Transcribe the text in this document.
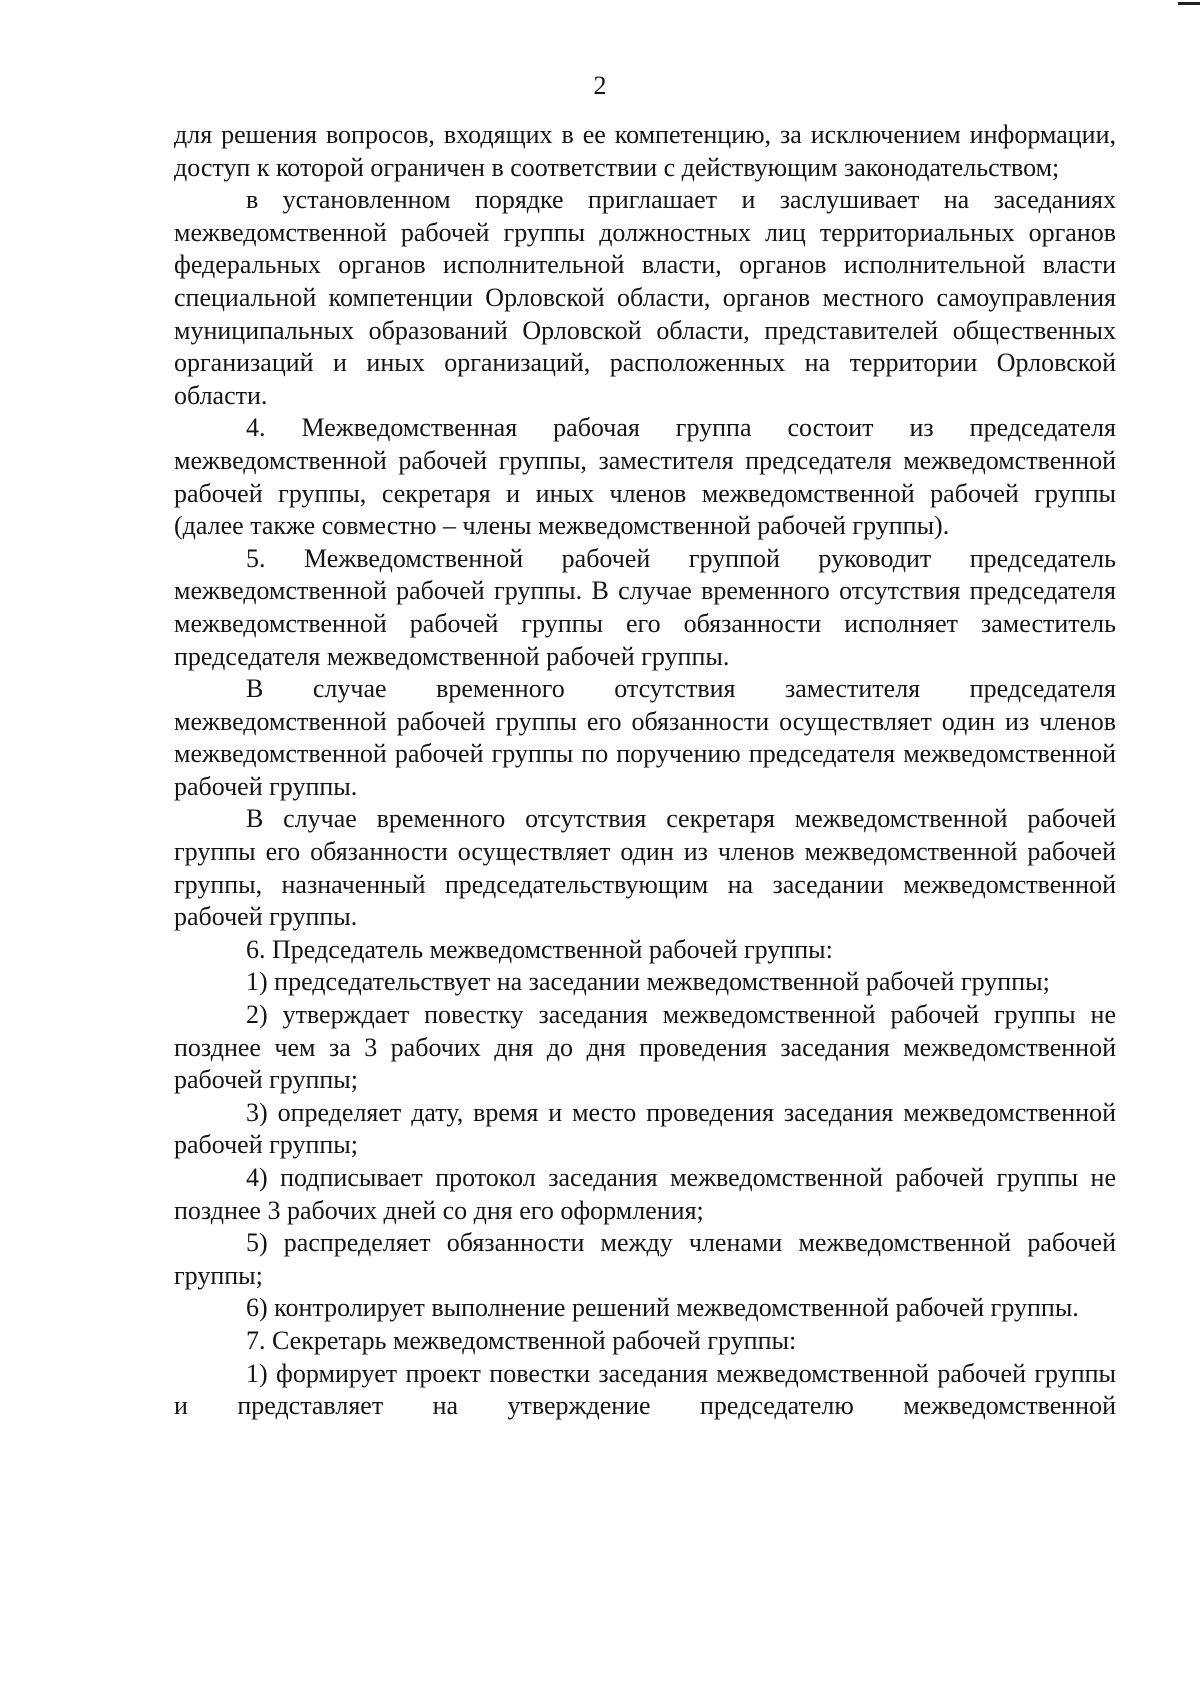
2

для решения вопросов, входящих в ее компетенцию, за исключением информации, доступ к которой ограничен в соответствии с действующим законодательством;

в установленном порядке приглашает и заслушивает на заседаниях межведомственной рабочей группы должностных лиц территориальных органов федеральных органов исполнительной власти, органов исполнительной власти специальной компетенции Орловской области, органов местного самоуправления муниципальных образований Орловской области, представителей общественных организаций и иных организаций, расположенных на территории Орловской области.

4. Межведомственная рабочая группа состоит из председателя межведомственной рабочей группы, заместителя председателя межведомственной рабочей группы, секретаря и иных членов межведомственной рабочей группы (далее также совместно – члены межведомственной рабочей группы).

5. Межведомственной рабочей группой руководит председатель межведомственной рабочей группы. В случае временного отсутствия председателя межведомственной рабочей группы его обязанности исполняет заместитель председателя межведомственной рабочей группы.

В случае временного отсутствия заместителя председателя межведомственной рабочей группы его обязанности осуществляет один из членов межведомственной рабочей группы по поручению председателя межведомственной рабочей группы.

В случае временного отсутствия секретаря межведомственной рабочей группы его обязанности осуществляет один из членов межведомственной рабочей группы, назначенный председательствующим на заседании межведомственной рабочей группы.

6. Председатель межведомственной рабочей группы:

1) председательствует на заседании межведомственной рабочей группы;

2) утверждает повестку заседания межведомственной рабочей группы не позднее чем за 3 рабочих дня до дня проведения заседания межведомственной рабочей группы;

3) определяет дату, время и место проведения заседания межведомственной рабочей группы;

4) подписывает протокол заседания межведомственной рабочей группы не позднее 3 рабочих дней со дня его оформления;

5) распределяет обязанности между членами межведомственной рабочей группы;

6) контролирует выполнение решений межведомственной рабочей группы.

7. Секретарь межведомственной рабочей группы:

1) формирует проект повестки заседания межведомственной рабочей группы и представляет на утверждение председателю межведомственной
